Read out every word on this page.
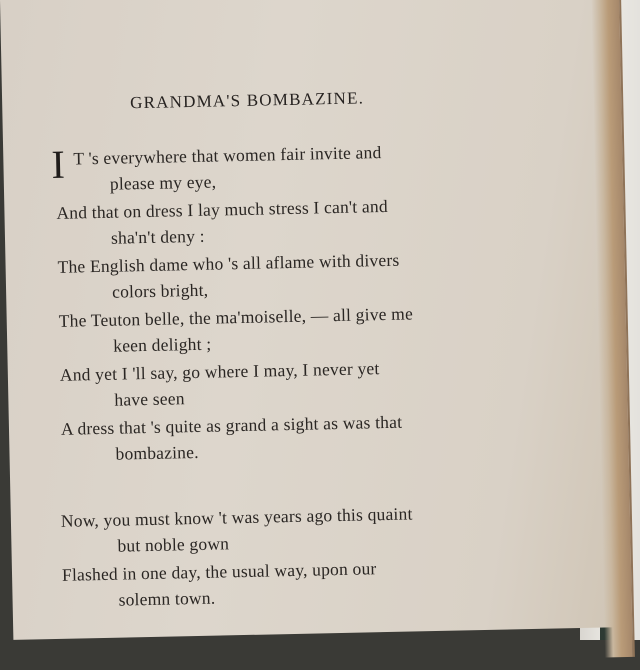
GRANDMA'S BOMBAZINE.
I T 's everywhere that women fair invite and
please my eye,
And that on dress I lay much stress I can't and
sha'n't deny :
The English dame who 's all aflame with divers
colors bright,
The Teuton belle, the ma'moiselle, — all give me
keen delight ;
And yet I 'll say, go where I may, I never yet
have seen
A dress that 's quite as grand a sight as was that
bombazine.
Now, you must know 't was years ago this quaint
but noble gown
Flashed in one day, the usual way, upon our
solemn town.
